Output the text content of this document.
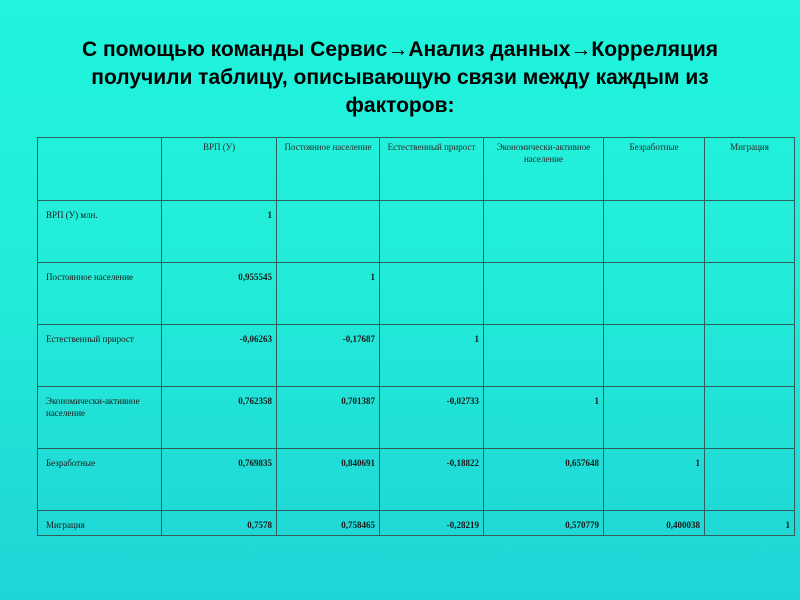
С помощью команды Сервис→Анализ данных→Корреляция получили таблицу, описывающую связи между каждым из факторов:
	ВРП (У)	Постоянное население	Естественный прирост	Экономически-активное население	Безработные	Миграция
ВРП (У) млн.	1					
Постоянное население	0,955545	1				
Естественный прирост	-0,06263	-0,17687	1			
Экономически-активное население	0,762358	0,701387	-0,02733	1		
Безработные	0,769835	0,840691	-0,18822	0,657648	1	
Миграция	0,7578	0,758465	-0,28219	0,570779	0,400038	1
